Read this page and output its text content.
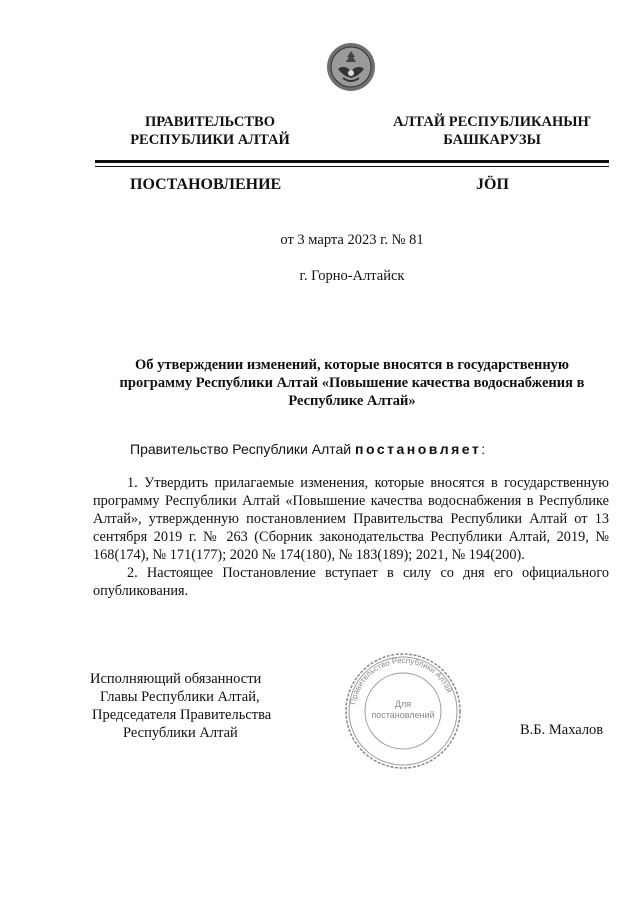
ПРАВИТЕЛЬСТВО
РЕСПУБЛИКИ АЛТАЙ
АЛТАЙ РЕСПУБЛИКАНЫҤ
БАШКАРУЗЫ
ПОСТАНОВЛЕНИЕ	JÖП
от 3 марта 2023 г. № 81
г. Горно-Алтайск
Об утверждении изменений, которые вносятся в государственную программу Республики Алтай «Повышение качества водоснабжения в Республике Алтай»
Правительство Республики Алтай постановляет:

1. Утвердить прилагаемые изменения, которые вносятся в государственную программу Республики Алтай «Повышение качества водоснабжения в Республике Алтай», утвержденную постановлением Правительства Республики Алтай от 13 сентября 2019 г. № 263 (Сборник законодательства Республики Алтай, 2019, № 168(174), № 171(177); 2020 № 174(180), № 183(189); 2021, № 194(200).

2. Настоящее Постановление вступает в силу со дня его официального опубликования.

Исполняющий обязанности
Главы Республики Алтай,
Председателя Правительства
Республики Алтай	В.Б. Махалов
Правительство Республики Алтай
Для
постановлений
